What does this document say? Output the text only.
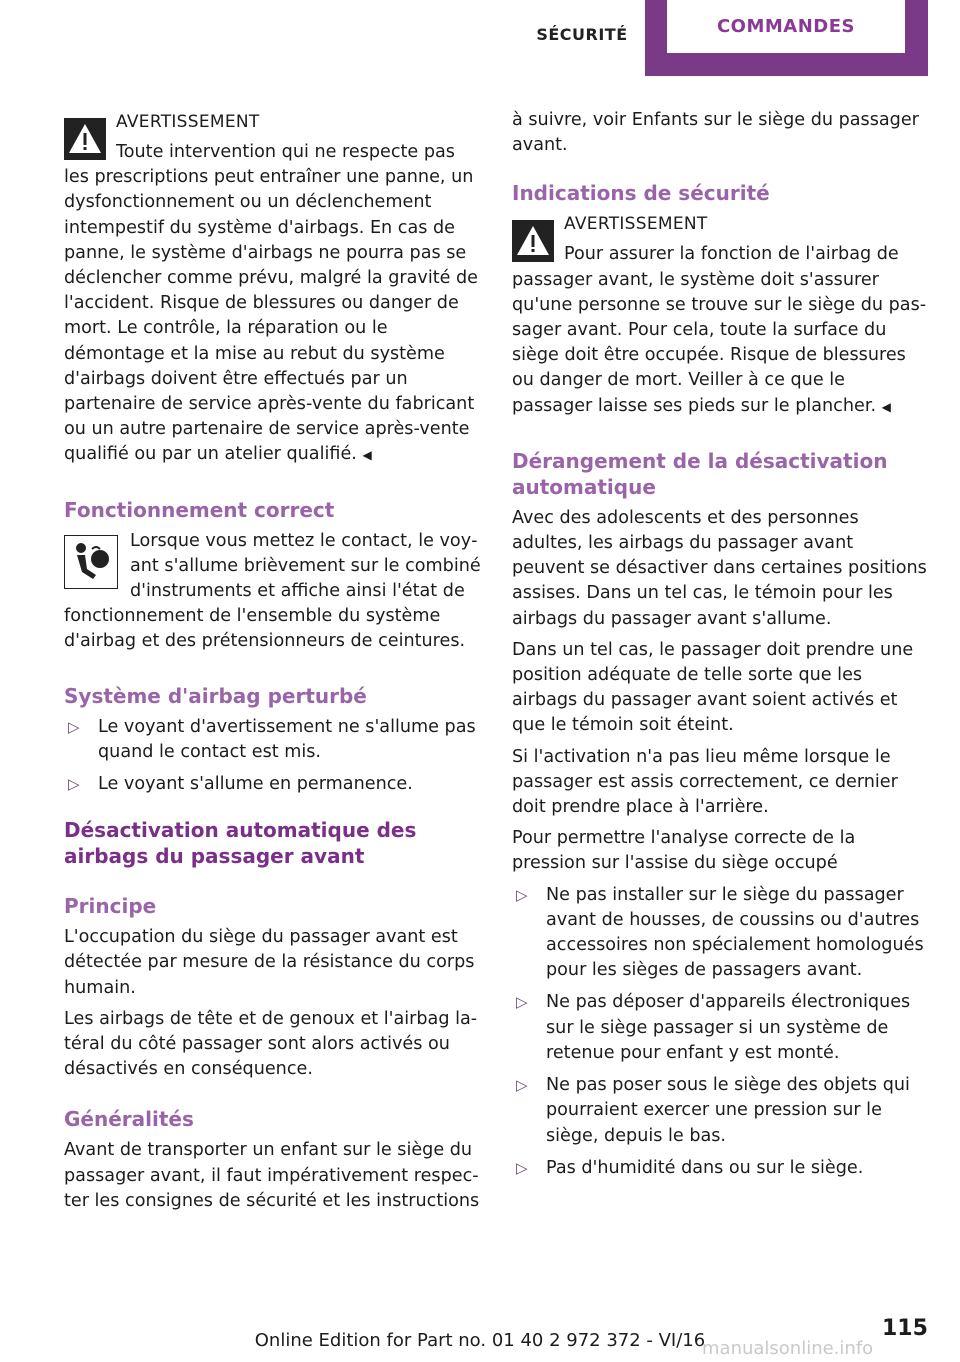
SÉCURITÉ	COMMANDES
AVERTISSEMENT

Toute intervention qui ne respecte pas les prescriptions peut entraîner une panne, un dysfonctionnement ou un déclenchement intempestif du système d'airbags. En cas de panne, le système d'airbags ne pourra pas se déclencher comme prévu, malgré la gravité de l'accident. Risque de blessures ou danger de mort. Le contrôle, la réparation ou le démontage et la mise au rebut du système d'airbags doivent être effectués par un partenaire de service après-vente du fabricant ou un autre partenaire de service après-vente qualifié ou par un atelier qualifié. ◀

Fonctionnement correct

Lorsque vous mettez le contact, le voyant s'allume brièvement sur le combiné d'instruments et affiche ainsi l'état de fonctionnement de l'ensemble du système d'airbag et des prétensionneurs de ceintures.

Système d'airbag perturbé
▷ Le voyant d'avertissement ne s'allume pas quand le contact est mis.
▷ Le voyant s'allume en permanence.
Désactivation automatique des airbags du passager avant
Principe

L'occupation du siège du passager avant est détectée par mesure de la résistance du corps humain.

Les airbags de tête et de genoux et l'airbag latéral du côté passager sont alors activés ou désactivés en conséquence.

Généralités

Avant de transporter un enfant sur le siège du passager avant, il faut impérativement respecter les consignes de sécurité et les instructions

à suivre, voir Enfants sur le siège du passager avant.

Indications de sécurité
AVERTISSEMENT

Pour assurer la fonction de l'airbag de passager avant, le système doit s'assurer qu'une personne se trouve sur le siège du passager avant. Pour cela, toute la surface du siège doit être occupée. Risque de blessures ou danger de mort. Veiller à ce que le passager laisse ses pieds sur le plancher. ◀

Dérangement de la désactivation automatique

Avec des adolescents et des personnes adultes, les airbags du passager avant peuvent se désactiver dans certaines positions assises. Dans un tel cas, le témoin pour les airbags du passager avant s'allume.

Dans un tel cas, le passager doit prendre une position adéquate de telle sorte que les airbags du passager avant soient activés et que le témoin soit éteint.

Si l'activation n'a pas lieu même lorsque le passager est assis correctement, ce dernier doit prendre place à l'arrière.

Pour permettre l'analyse correcte de la pression sur l'assise du siège occupé

▷ Ne pas installer sur le siège du passager avant de housses, de coussins ou d'autres accessoires non spécialement homologués pour les sièges de passagers avant.
▷ Ne pas déposer d'appareils électroniques sur le siège passager si un système de retenue pour enfant y est monté.
▷ Ne pas poser sous le siège des objets qui pourraient exercer une pression sur le siège, depuis le bas.
▷ Pas d'humidité dans ou sur le siège.
115
Online Edition for Part no. 01 40 2 972 372 - VI/16
manualsonline.info
